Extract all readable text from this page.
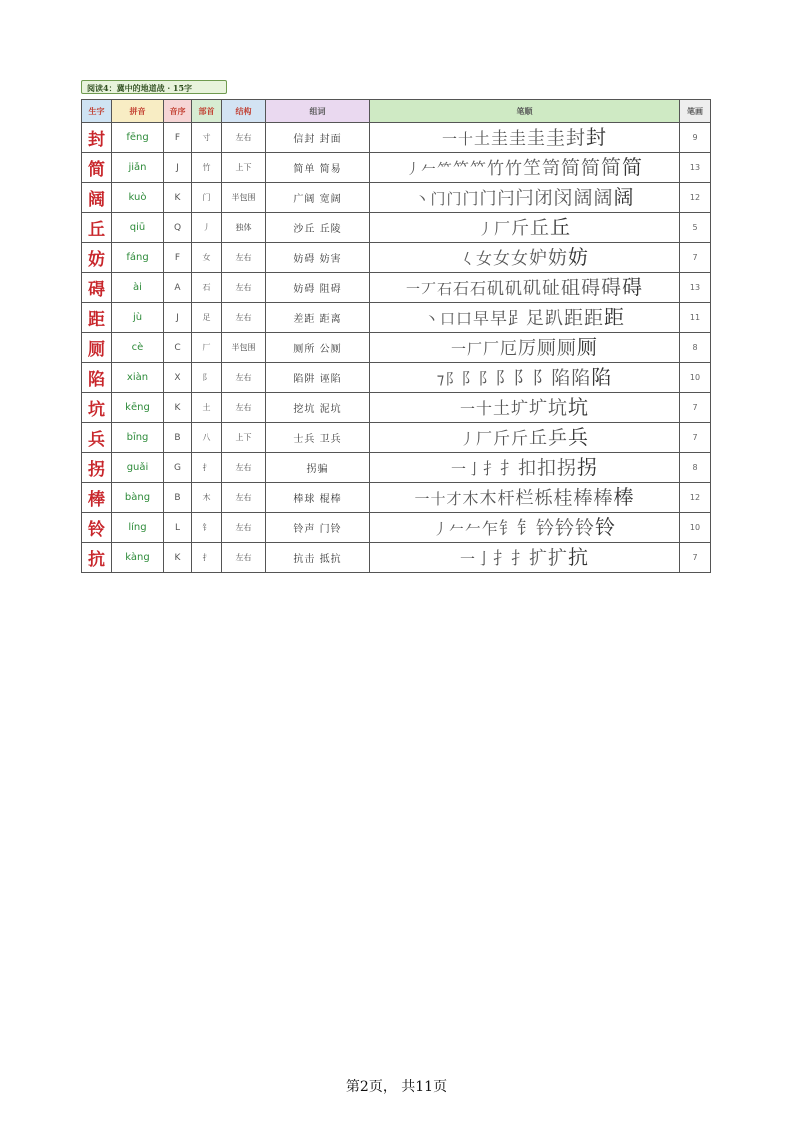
阅读4：冀中的地道战 · 15字
生字	拼音	音序	部首	结构	组词	笔顺	笔画
封	fēng	F	寸	左右	信封 封面	一十土圭圭圭圭封封	9
简	jiǎn	J	竹	上下	简单 简易	丿𠂉⺮𥫗𥫗竹竹笁笥简简简简	13
阔	kuò	K	门	半包围	广阔 宽阔	丶门门门门闩闩闭闵阔阔阔	12
丘	qiū	Q	丿	独体	沙丘 丘陵	丿厂斤丘丘	5
妨	fáng	F	女	左右	妨碍 妨害	𡿨女女女妒妨妨	7
碍	ài	A	石	左右	妨碍 阻碍	一丆石石石矶矶矶砋砠碍碍碍	13
距	jù	J	足	左右	差距 距离	丶口口早早𧾷足趴距距距	11
厕	cè	C	厂	半包围	厕所 公厕	一厂厂厄厉厕厕厕	8
陷	xiàn	X	阝	左右	陷阱 诬陷	⁊阝阝阝阝阝阝陷陷陷	10
坑	kēng	K	土	左右	挖坑 泥坑	一十土圹圹坑坑	7
兵	bīng	B	八	上下	士兵 卫兵	丿厂斤斤丘乒兵	7
拐	guǎi	G	扌	左右	拐骗	一亅扌扌扣扣拐拐	8
棒	bàng	B	木	左右	棒球 棍棒	一十才木木杆栏栎桂棒棒棒	12
铃	líng	L	钅	左右	铃声 门铃	丿𠂉𠂉乍钅钅钤钤铃铃	10
抗	kàng	K	扌	左右	抗击 抵抗	一亅扌扌扩扩抗	7
第2页， 共11页
